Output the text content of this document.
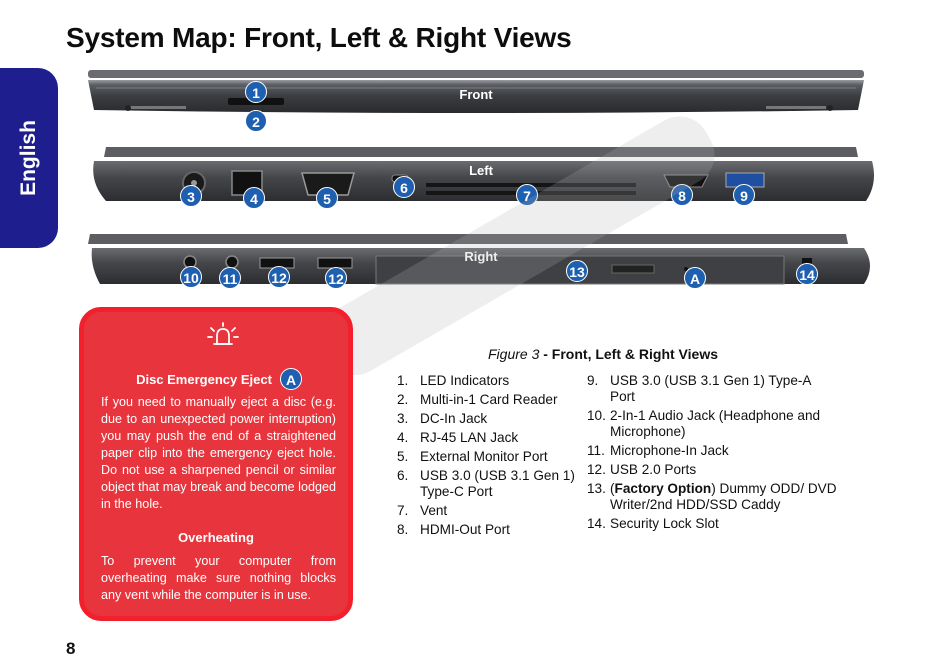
System Map: Front, Left & Right Views
English
Front
1
2
Left
3	4	5
6	7	8	9
Right
10 11 12	12	13	A	14
Disc Emergency Eject	A

If you need to manually eject a disc (e.g. due to an unexpected power interruption) you may push the end of a straightened paper clip into the emergency eject hole. Do not use a sharpened pencil or similar object that may break and become lodged in the hole.

Overheating

To prevent your computer from overheating make sure nothing blocks any vent while the computer is in use.

Figure 3 - Front, Left & Right Views
1. LED Indicators
2. Multi-in-1 Card Reader
3. DC-In Jack
4. RJ-45 LAN Jack
5. External Monitor Port
6. USB 3.0 (USB 3.1 Gen 1) Type-C Port
7. Vent
8. HDMI-Out Port
9. USB 3.0 (USB 3.1 Gen 1) Type-A Port
10. 2-In-1 Audio Jack (Headphone and Microphone)
11. Microphone-In Jack
12. USB 2.0 Ports
13. (Factory Option) Dummy ODD/ DVD Writer/2nd HDD/SSD Caddy
14. Security Lock Slot
8
